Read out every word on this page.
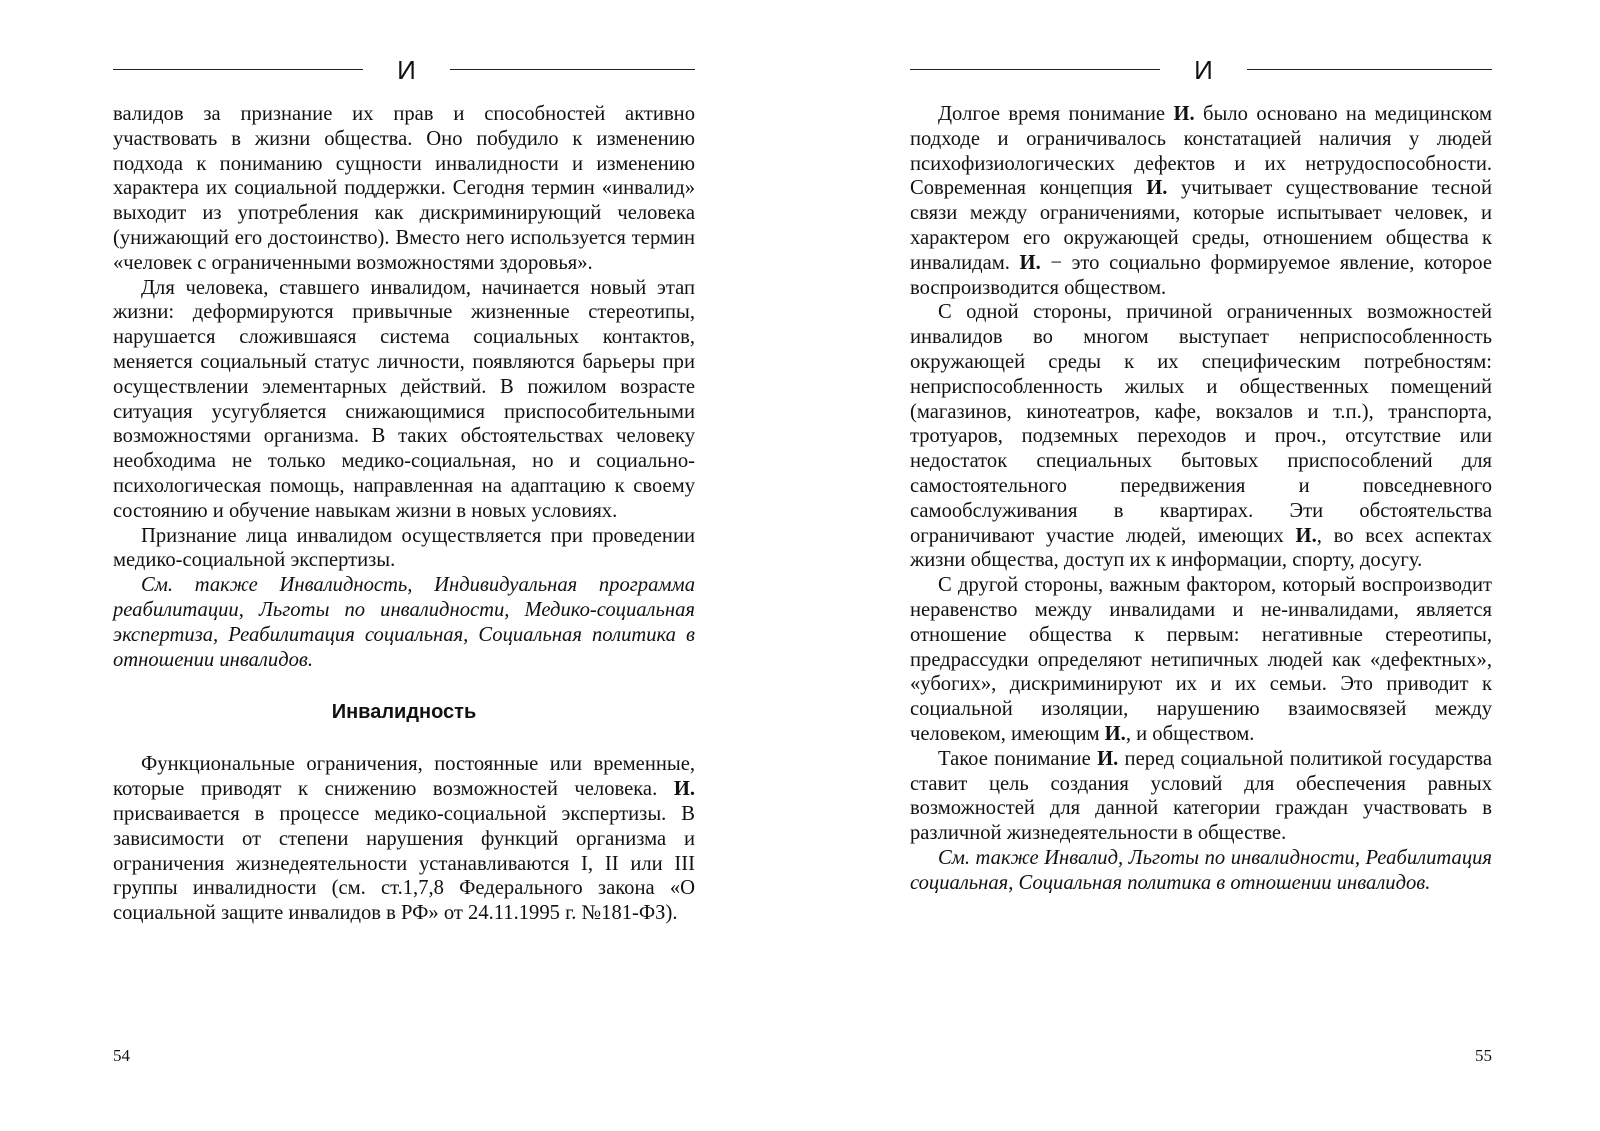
И

валидов за признание их прав и способностей активно участвовать в жизни общества. Оно побудило к изменению подхода к пониманию сущности инвалидности и изменению характера их социальной поддержки. Сегодня термин «инвалид» выходит из употребления как дискриминирующий человека (унижающий его достоинство). Вместо него используется термин «человек с ограниченными возможностями здоровья».

Для человека, ставшего инвалидом, начинается новый этап жизни: деформируются привычные жизненные стереотипы, нарушается сложившаяся система социальных контактов, меняется социальный статус личности, появляются барьеры при осуществлении элементарных действий. В пожилом возрасте ситуация усугубляется снижающимися приспособительными возможностями организма. В таких обстоятельствах человеку необходима не только медико-социальная, но и социально-психологическая помощь, направленная на адаптацию к своему состоянию и обучение навыкам жизни в новых условиях.

Признание лица инвалидом осуществляется при проведении медико-социальной экспертизы.

См. также Инвалидность, Индивидуальная программа реабилитации, Льготы по инвалидности, Медико-социальная экспертиза, Реабилитация социальная, Социальная политика в отношении инвалидов.

Инвалидность

Функциональные ограничения, постоянные или временные, которые приводят к снижению возможностей человека. И. присваивается в процессе медико-социальной экспертизы. В зависимости от степени нарушения функций организма и ограничения жизнедеятельности устанавливаются I, II или III группы инвалидности (см. ст.1,7,8 Федерального закона «О социальной защите инвалидов в РФ» от 24.11.1995 г. №181-ФЗ).

54
И

Долгое время понимание И. было основано на медицинском подходе и ограничивалось констатацией наличия у людей психофизиологических дефектов и их нетрудоспособности. Современная концепция И. учитывает существование тесной связи между ограничениями, которые испытывает человек, и характером его окружающей среды, отношением общества к инвалидам. И. − это социально формируемое явление, которое воспроизводится обществом.

С одной стороны, причиной ограниченных возможностей инвалидов во многом выступает неприспособленность окружающей среды к их специфическим потребностям: неприспособленность жилых и общественных помещений (магазинов, кинотеатров, кафе, вокзалов и т.п.), транспорта, тротуаров, подземных переходов и проч., отсутствие или недостаток специальных бытовых приспособлений для самостоятельного передвижения и повседневного самообслуживания в квартирах. Эти обстоятельства ограничивают участие людей, имеющих И., во всех аспектах жизни общества, доступ их к информации, спорту, досугу.

С другой стороны, важным фактором, который воспроизводит неравенство между инвалидами и не-инвалидами, является отношение общества к первым: негативные стереотипы, предрассудки определяют нетипичных людей как «дефектных», «убогих», дискриминируют их и их семьи. Это приводит к социальной изоляции, нарушению взаимосвязей между человеком, имеющим И., и обществом.

Такое понимание И. перед социальной политикой государства ставит цель создания условий для обеспечения равных возможностей для данной категории граждан участвовать в различной жизнедеятельности в обществе.

См. также Инвалид, Льготы по инвалидности, Реабилитация социальная, Социальная политика в отношении инвалидов.

55
